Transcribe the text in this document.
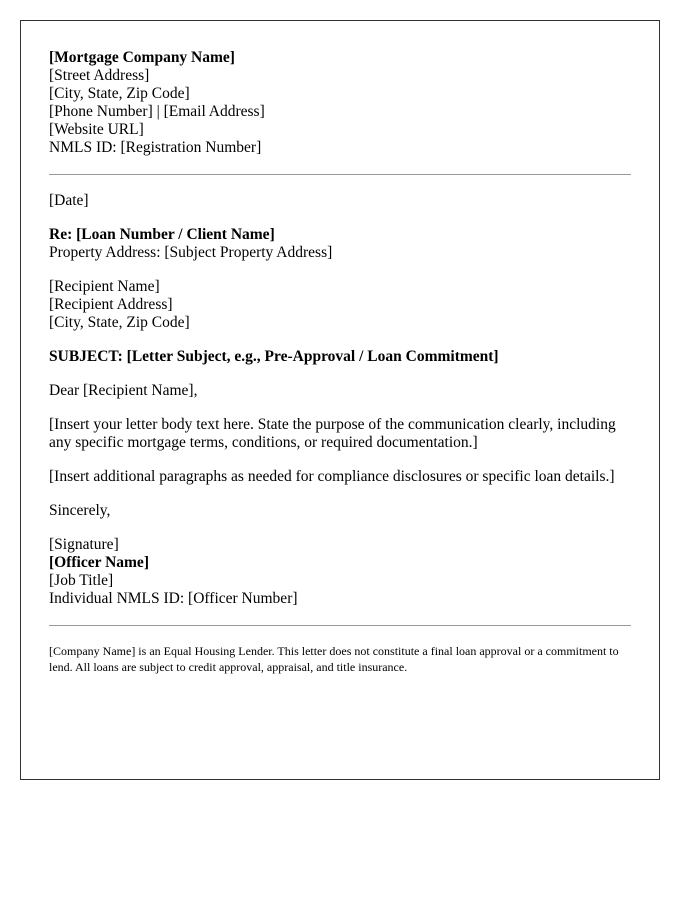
[Mortgage Company Name]
[Street Address]
[City, State, Zip Code]
[Phone Number] | [Email Address]
[Website URL]
NMLS ID: [Registration Number]
[Date]
Re: [Loan Number / Client Name]
Property Address: [Subject Property Address]
[Recipient Name]
[Recipient Address]
[City, State, Zip Code]
SUBJECT: [Letter Subject, e.g., Pre-Approval / Loan Commitment]
Dear [Recipient Name],
[Insert your letter body text here. State the purpose of the communication clearly, including any specific mortgage terms, conditions, or required documentation.]
[Insert additional paragraphs as needed for compliance disclosures or specific loan details.]
Sincerely,
[Signature]
[Officer Name]
[Job Title]
Individual NMLS ID: [Officer Number]
[Company Name] is an Equal Housing Lender. This letter does not constitute a final loan approval or a commitment to lend. All loans are subject to credit approval, appraisal, and title insurance.
